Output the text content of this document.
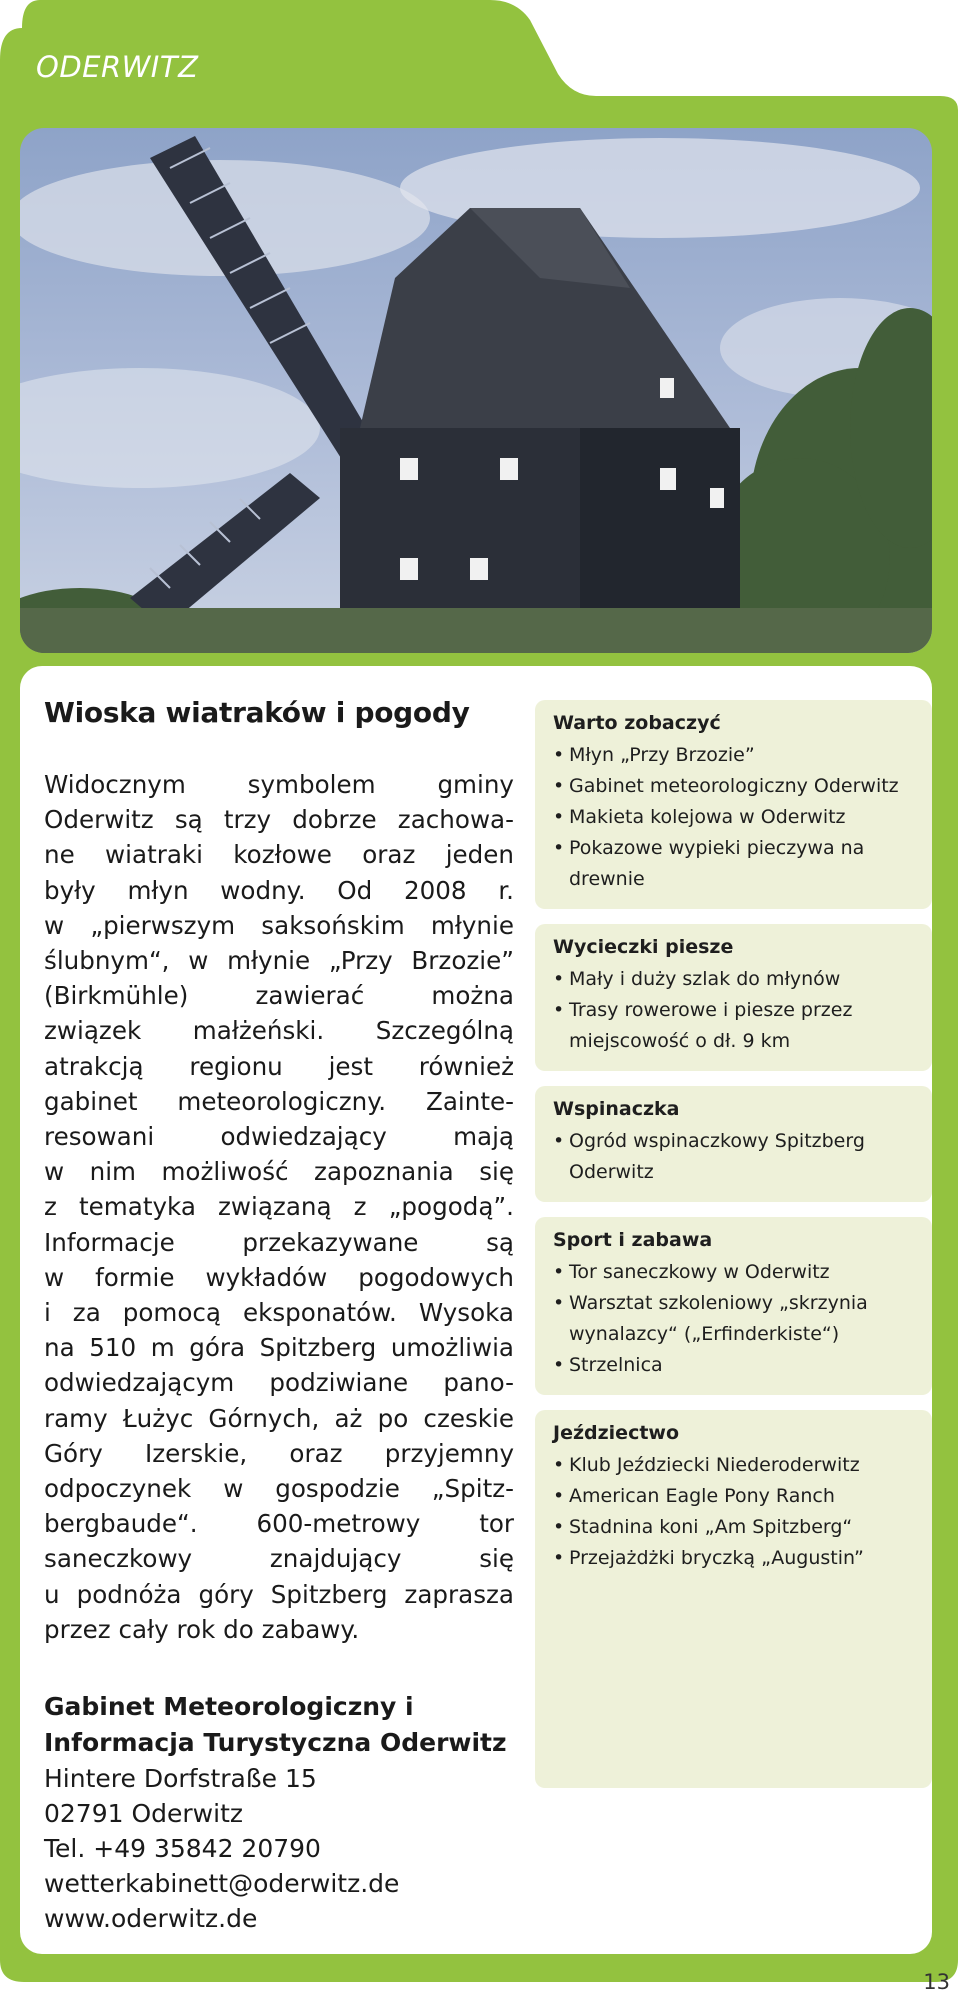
ODERWITZ
Wioska wiatraków i pogody

Widocznym symbolem gminy
Oderwitz są trzy dobrze zachowa-
ne wiatraki kozłowe oraz jeden
były młyn wodny. Od 2008 r.
w „pierwszym saksońskim młynie
ślubnym“, w młynie „Przy Brzozie”
(Birkmühle) zawierać można
związek małżeński. Szczególną
atrakcją regionu jest również
gabinet meteorologiczny. Zainte-
resowani odwiedzający mają
w nim możliwość zapoznania się
z tematyka związaną z „pogodą”.
Informacje przekazywane są
w formie wykładów pogodowych
i za pomocą eksponatów. Wysoka
na 510 m góra Spitzberg umożliwia
odwiedzającym podziwiane pano-
ramy Łużyc Górnych, aż po czeskie
Góry Izerskie, oraz przyjemny
odpoczynek w gospodzie „Spitz-
bergbaude“. 600-metrowy tor
saneczkowy znajdujący się
u podnóża góry Spitzberg zaprasza
przez cały rok do zabawy.

Gabinet Meteorologiczny i
Informacja Turystyczna Oderwitz
Hintere Dorfstraße 15
02791 Oderwitz
Tel. +49 35842 20790
wetterkabinett@oderwitz.de
www.oderwitz.de
Warto zobaczyć
• Młyn „Przy Brzozie”
• Gabinet meteorologiczny Oderwitz
• Makieta kolejowa w Oderwitz
• Pokazowe wypieki pieczywa na drewnie
Wycieczki piesze
• Mały i duży szlak do młynów
• Trasy rowerowe i piesze przez miejscowość o dł. 9 km
Wspinaczka
• Ogród wspinaczkowy Spitzberg Oderwitz
Sport i zabawa
• Tor saneczkowy w Oderwitz
• Warsztat szkoleniowy „skrzynia wynalazcy“ („Erfinderkiste“)
• Strzelnica
Jeździectwo
• Klub Jeździecki Niederoderwitz
• American Eagle Pony Ranch
• Stadnina koni „Am Spitzberg“
• Przejażdżki bryczką „Augustin”
13
